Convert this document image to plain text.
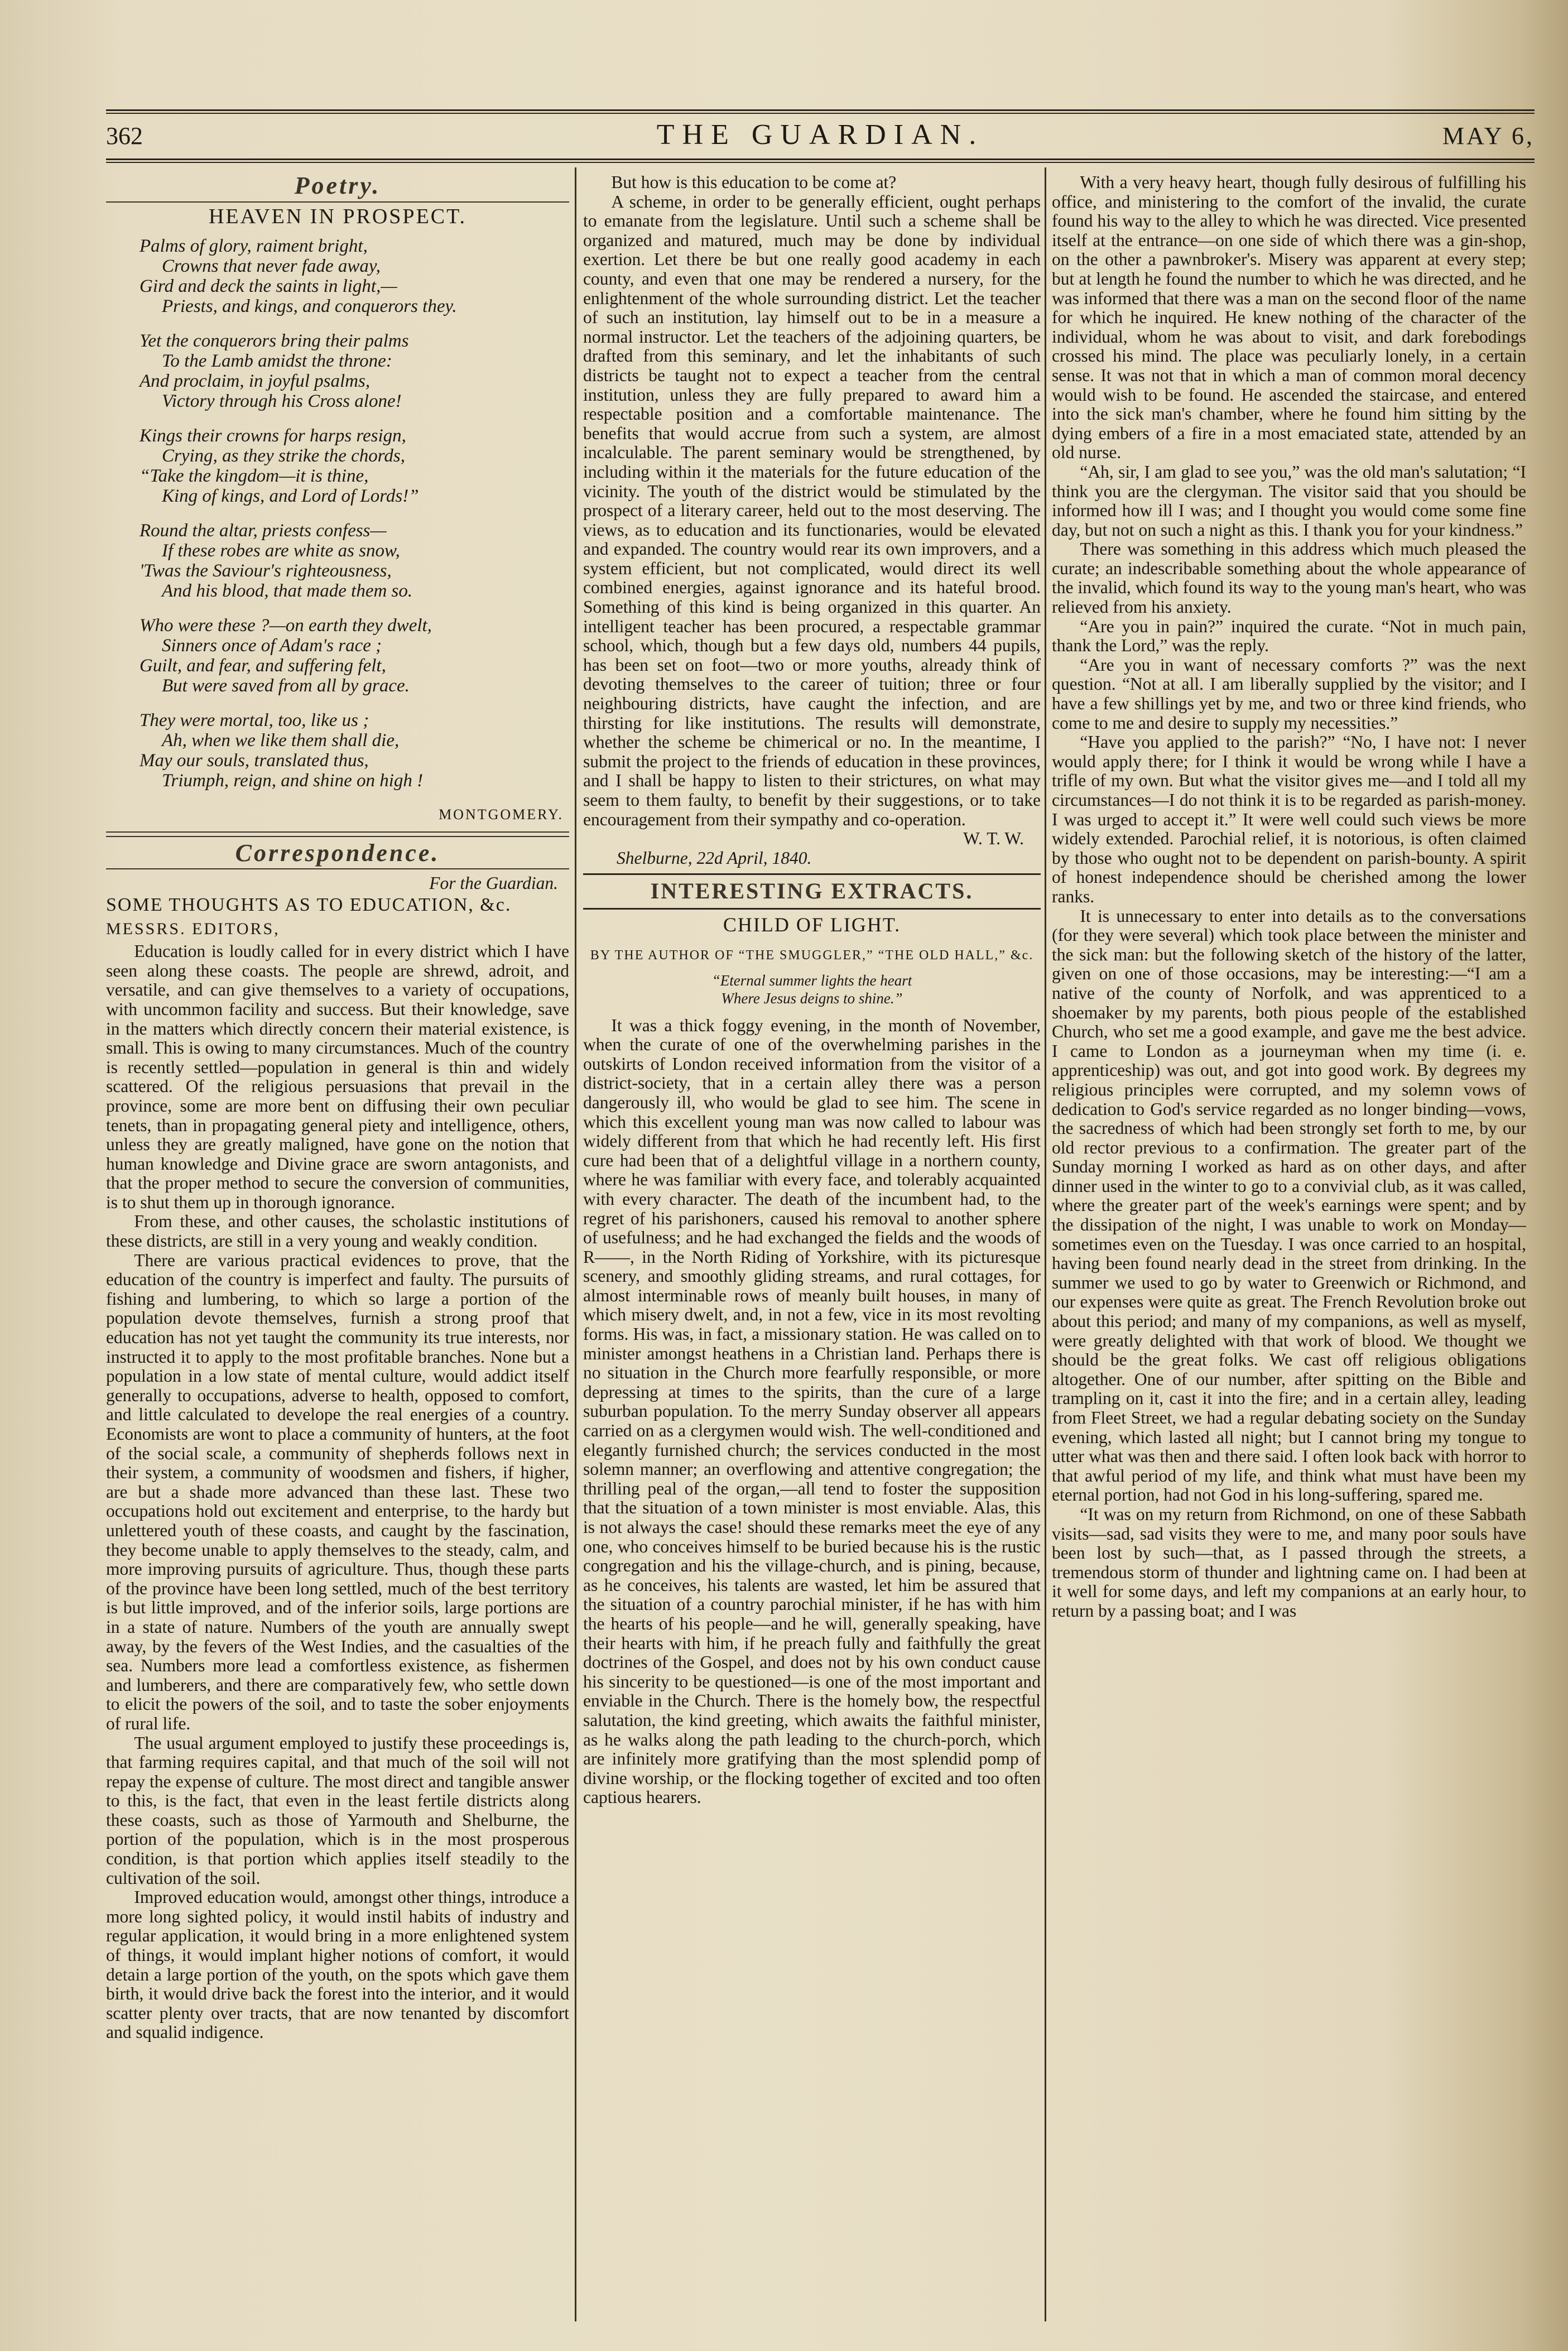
362	THE GUARDIAN.	MAY 6,
Poetry.
HEAVEN IN PROSPECT.
Palms of glory, raiment bright,
Crowns that never fade away,
Gird and deck the saints in light,—
Priests, and kings, and conquerors they.
Yet the conquerors bring their palms
To the Lamb amidst the throne:
And proclaim, in joyful psalms,
Victory through his Cross alone!
Kings their crowns for harps resign,
Crying, as they strike the chords,
“Take the kingdom—it is thine,
King of kings, and Lord of Lords!”
Round the altar, priests confess—
If these robes are white as snow,
'Twas the Saviour's righteousness,
And his blood, that made them so.
Who were these ?—on earth they dwelt,
Sinners once of Adam's race ;
Guilt, and fear, and suffering felt,
But were saved from all by grace.
They were mortal, too, like us ;
Ah, when we like them shall die,
May our souls, translated thus,
Triumph, reign, and shine on high !
MONTGOMERY.
Correspondence.
For the Guardian.
SOME THOUGHTS AS TO EDUCATION, &c.
MESSRS. EDITORS,

Education is loudly called for in every district which I have seen along these coasts. The people are shrewd, adroit, and versatile, and can give themselves to a variety of occupations, with uncommon facility and success. But their knowledge, save in the matters which directly concern their material existence, is small. This is owing to many circumstances. Much of the country is recently settled—population in general is thin and widely scattered. Of the religious persuasions that prevail in the province, some are more bent on diffusing their own peculiar tenets, than in propagating general piety and intelligence, others, unless they are greatly maligned, have gone on the notion that human knowledge and Divine grace are sworn antagonists, and that the proper method to secure the conversion of communities, is to shut them up in thorough ignorance.

From these, and other causes, the scholastic institutions of these districts, are still in a very young and weakly condition.

There are various practical evidences to prove, that the education of the country is imperfect and faulty. The pursuits of fishing and lumbering, to which so large a portion of the population devote themselves, furnish a strong proof that education has not yet taught the community its true interests, nor instructed it to apply to the most profitable branches. None but a population in a low state of mental culture, would addict itself generally to occupations, adverse to health, opposed to comfort, and little calculated to develope the real energies of a country. Economists are wont to place a community of hunters, at the foot of the social scale, a community of shepherds follows next in their system, a community of woodsmen and fishers, if higher, are but a shade more advanced than these last. These two occupations hold out excitement and enterprise, to the hardy but unlettered youth of these coasts, and caught by the fascination, they become unable to apply themselves to the steady, calm, and more improving pursuits of agriculture. Thus, though these parts of the province have been long settled, much of the best territory is but little improved, and of the inferior soils, large portions are in a state of nature. Numbers of the youth are annually swept away, by the fevers of the West Indies, and the casualties of the sea. Numbers more lead a comfortless existence, as fishermen and lumberers, and there are comparatively few, who settle down to elicit the powers of the soil, and to taste the sober enjoyments of rural life.

The usual argument employed to justify these proceedings is, that farming requires capital, and that much of the soil will not repay the expense of culture. The most direct and tangible answer to this, is the fact, that even in the least fertile districts along these coasts, such as those of Yarmouth and Shelburne, the portion of the population, which is in the most prosperous condition, is that portion which applies itself steadily to the cultivation of the soil.

Improved education would, amongst other things, introduce a more long sighted policy, it would instil habits of industry and regular application, it would bring in a more enlightened system of things, it would implant higher notions of comfort, it would detain a large portion of the youth, on the spots which gave them birth, it would drive back the forest into the interior, and it would scatter plenty over tracts, that are now tenanted by discomfort and squalid indigence.

But how is this education to be come at?

A scheme, in order to be generally efficient, ought perhaps to emanate from the legislature. Until such a scheme shall be organized and matured, much may be done by individual exertion. Let there be but one really good academy in each county, and even that one may be rendered a nursery, for the enlightenment of the whole surrounding district. Let the teacher of such an institution, lay himself out to be in a measure a normal instructor. Let the teachers of the adjoining quarters, be drafted from this seminary, and let the inhabitants of such districts be taught not to expect a teacher from the central institution, unless they are fully prepared to award him a respectable position and a comfortable maintenance. The benefits that would accrue from such a system, are almost incalculable. The parent seminary would be strengthened, by including within it the materials for the future education of the vicinity. The youth of the district would be stimulated by the prospect of a literary career, held out to the most deserving. The views, as to education and its functionaries, would be elevated and expanded. The country would rear its own improvers, and a system efficient, but not complicated, would direct its well combined energies, against ignorance and its hateful brood. Something of this kind is being organized in this quarter. An intelligent teacher has been procured, a respectable grammar school, which, though but a few days old, numbers 44 pupils, has been set on foot—two or more youths, already think of devoting themselves to the career of tuition; three or four neighbouring districts, have caught the infection, and are thirsting for like institutions. The results will demonstrate, whether the scheme be chimerical or no. In the meantime, I submit the project to the friends of education in these provinces, and I shall be happy to listen to their strictures, on what may seem to them faulty, to benefit by their suggestions, or to take encouragement from their sympathy and co-operation.

W. T. W.
Shelburne, 22d April, 1840.
INTERESTING EXTRACTS.
CHILD OF LIGHT.
BY THE AUTHOR OF “THE SMUGGLER,” “THE OLD HALL,” &c.
“Eternal summer lights the heart
Where Jesus deigns to shine.”

It was a thick foggy evening, in the month of November, when the curate of one of the overwhelming parishes in the outskirts of London received information from the visitor of a district-society, that in a certain alley there was a person dangerously ill, who would be glad to see him. The scene in which this excellent young man was now called to labour was widely different from that which he had recently left. His first cure had been that of a delightful village in a northern county, where he was familiar with every face, and tolerably acquainted with every character. The death of the incumbent had, to the regret of his parishoners, caused his removal to another sphere of usefulness; and he had exchanged the fields and the woods of R——, in the North Riding of Yorkshire, with its picturesque scenery, and smoothly gliding streams, and rural cottages, for almost interminable rows of meanly built houses, in many of which misery dwelt, and, in not a few, vice in its most revolting forms. His was, in fact, a missionary station. He was called on to minister amongst heathens in a Christian land. Perhaps there is no situation in the Church more fearfully responsible, or more depressing at times to the spirits, than the cure of a large suburban population. To the merry Sunday observer all appears carried on as a clergymen would wish. The well-conditioned and elegantly furnished church; the services conducted in the most solemn manner; an overflowing and attentive congregation; the thrilling peal of the organ,—all tend to foster the supposition that the situation of a town minister is most enviable. Alas, this is not always the case! should these remarks meet the eye of any one, who conceives himself to be buried because his is the rustic congregation and his the village-church, and is pining, because, as he conceives, his talents are wasted, let him be assured that the situation of a country parochial minister, if he has with him the hearts of his people—and he will, generally speaking, have their hearts with him, if he preach fully and faithfully the great doctrines of the Gospel, and does not by his own conduct cause his sincerity to be questioned—is one of the most important and enviable in the Church. There is the homely bow, the respectful salutation, the kind greeting, which awaits the faithful minister, as he walks along the path leading to the church-porch, which are infinitely more gratifying than the most splendid pomp of divine worship, or the flocking together of excited and too often captious hearers.

With a very heavy heart, though fully desirous of fulfilling his office, and ministering to the comfort of the invalid, the curate found his way to the alley to which he was directed. Vice presented itself at the entrance—on one side of which there was a gin-shop, on the other a pawnbroker's. Misery was apparent at every step; but at length he found the number to which he was directed, and he was informed that there was a man on the second floor of the name for which he inquired. He knew nothing of the character of the individual, whom he was about to visit, and dark forebodings crossed his mind. The place was peculiarly lonely, in a certain sense. It was not that in which a man of common moral decency would wish to be found. He ascended the staircase, and entered into the sick man's chamber, where he found him sitting by the dying embers of a fire in a most emaciated state, attended by an old nurse.

“Ah, sir, I am glad to see you,” was the old man's salutation; “I think you are the clergyman. The visitor said that you should be informed how ill I was; and I thought you would come some fine day, but not on such a night as this. I thank you for your kindness.”

There was something in this address which much pleased the curate; an indescribable something about the whole appearance of the invalid, which found its way to the young man's heart, who was relieved from his anxiety.

“Are you in pain?” inquired the curate. “Not in much pain, thank the Lord,” was the reply.

“Are you in want of necessary comforts ?” was the next question. “Not at all. I am liberally supplied by the visitor; and I have a few shillings yet by me, and two or three kind friends, who come to me and desire to supply my necessities.”

“Have you applied to the parish?” “No, I have not: I never would apply there; for I think it would be wrong while I have a trifle of my own. But what the visitor gives me—and I told all my circumstances—I do not think it is to be regarded as parish-money. I was urged to accept it.” It were well could such views be more widely extended. Parochial relief, it is notorious, is often claimed by those who ought not to be dependent on parish-bounty. A spirit of honest independence should be cherished among the lower ranks.

It is unnecessary to enter into details as to the conversations (for they were several) which took place between the minister and the sick man: but the following sketch of the history of the latter, given on one of those occasions, may be interesting:—“I am a native of the county of Norfolk, and was apprenticed to a shoemaker by my parents, both pious people of the established Church, who set me a good example, and gave me the best advice. I came to London as a journeyman when my time (i. e. apprenticeship) was out, and got into good work. By degrees my religious principles were corrupted, and my solemn vows of dedication to God's service regarded as no longer binding—vows, the sacredness of which had been strongly set forth to me, by our old rector previous to a confirmation. The greater part of the Sunday morning I worked as hard as on other days, and after dinner used in the winter to go to a convivial club, as it was called, where the greater part of the week's earnings were spent; and by the dissipation of the night, I was unable to work on Monday—sometimes even on the Tuesday. I was once carried to an hospital, having been found nearly dead in the street from drinking. In the summer we used to go by water to Greenwich or Richmond, and our expenses were quite as great. The French Revolution broke out about this period; and many of my companions, as well as myself, were greatly delighted with that work of blood. We thought we should be the great folks. We cast off religious obligations altogether. One of our number, after spitting on the Bible and trampling on it, cast it into the fire; and in a certain alley, leading from Fleet Street, we had a regular debating society on the Sunday evening, which lasted all night; but I cannot bring my tongue to utter what was then and there said. I often look back with horror to that awful period of my life, and think what must have been my eternal portion, had not God in his long-suffering, spared me.

“It was on my return from Richmond, on one of these Sabbath visits—sad, sad visits they were to me, and many poor souls have been lost by such—that, as I passed through the streets, a tremendous storm of thunder and lightning came on. I had been at it well for some days, and left my companions at an early hour, to return by a passing boat; and I was
